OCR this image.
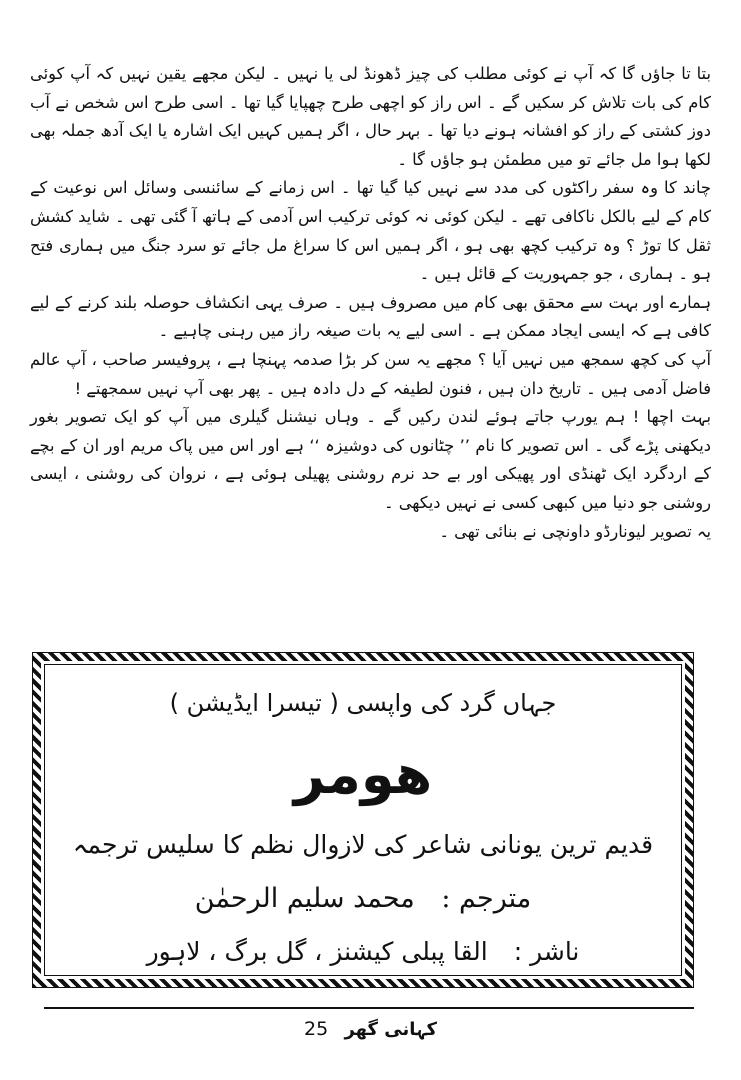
بتا تا جاؤں گا کہ آپ نے کوئی مطلب کی چیز ڈھونڈ لی یا نہیں ۔ لیکن مجھے یقین نہیں کہ آپ کوئی کام کی بات تلاش کر سکیں گے ۔ اس راز کو اچھی طرح چھپایا گیا تھا ۔ اسی طرح اس شخص نے آب دوز کشتی کے راز کو افشانہ ہونے دیا تھا ۔ بہر حال ، اگر ہمیں کہیں ایک اشارہ یا ایک آدھ جملہ بھی لکھا ہوا مل جائے تو میں مطمئن ہو جاؤں گا ۔

چاند کا وہ سفر راکٹوں کی مدد سے نہیں کیا گیا تھا ۔ اس زمانے کے سائنسی وسائل اس نوعیت کے کام کے لیے بالکل ناکافی تھے ۔ لیکن کوئی نہ کوئی ترکیب اس آدمی کے ہاتھ آ گئی تھی ۔ شاید کشش ثقل کا توڑ ؟ وہ ترکیب کچھ بھی ہو ، اگر ہمیں اس کا سراغ مل جائے تو سرد جنگ میں ہماری فتح ہو ۔ ہماری ، جو جمہوریت کے قائل ہیں ۔

ہمارے اور بہت سے محقق بھی کام میں مصروف ہیں ۔ صرف یہی انکشاف حوصلہ بلند کرنے کے لیے کافی ہے کہ ایسی ایجاد ممکن ہے ۔ اسی لیے یہ بات صیغہ راز میں رہنی چاہیے ۔

آپ کی کچھ سمجھ میں نہیں آیا ؟ مجھے یہ سن کر بڑا صدمہ پہنچا ہے ، پروفیسر صاحب ، آپ عالم فاضل آدمی ہیں ۔ تاریخ دان ہیں ، فنون لطیفہ کے دل دادہ ہیں ۔ پھر بھی آپ نہیں سمجھتے !

بہت اچھا ! ہم یورپ جاتے ہوئے لندن رکیں گے ۔ وہاں نیشنل گیلری میں آپ کو ایک تصویر بغور دیکھنی پڑے گی ۔ اس تصویر کا نام ’’ چٹانوں کی دوشیزہ ‘‘ ہے اور اس میں پاک مریم اور ان کے بچے کے اردگرد ایک ٹھنڈی اور پھیکی اور بے حد نرم روشنی پھیلی ہوئی ہے ، نروان کی روشنی ، ایسی روشنی جو دنیا میں کبھی کسی نے نہیں دیکھی ۔

یہ تصویر لیونارڈو داونچی نے بنائی تھی ۔

جہاں گرد کی واپسی ( تیسرا ایڈیشن )
هومر
قدیم ترین یونانی شاعر کی لازوال نظم کا سلیس ترجمہ
مترجم : محمد سلیم الرحمٰن
ناشر : القا پبلی کیشنز ، گل برگ ، لاہور
25 کہانی گھر
